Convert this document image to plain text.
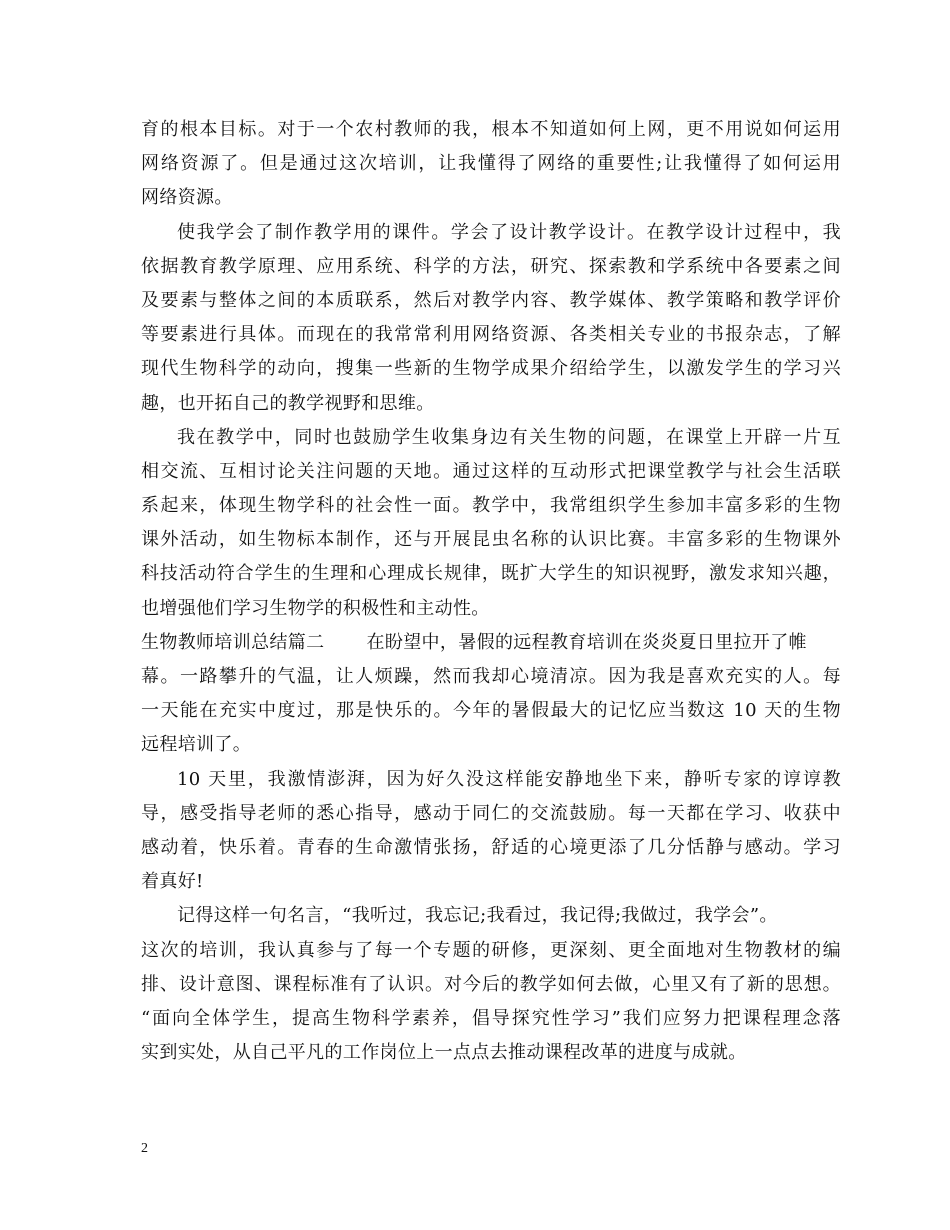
育的根本目标。对于一个农村教师的我，根本不知道如何上网，更不用说如何运用
网络资源了。但是通过这次培训，让我懂得了网络的重要性;让我懂得了如何运用
网络资源。
使我学会了制作教学用的课件。学会了设计教学设计。在教学设计过程中，我
依据教育教学原理、应用系统、科学的方法，研究、探索教和学系统中各要素之间
及要素与整体之间的本质联系，然后对教学内容、教学媒体、教学策略和教学评价
等要素进行具体。而现在的我常常利用网络资源、各类相关专业的书报杂志，了解
现代生物科学的动向，搜集一些新的生物学成果介绍给学生，以激发学生的学习兴
趣，也开拓自己的教学视野和思维。
我在教学中，同时也鼓励学生收集身边有关生物的问题，在课堂上开辟一片互
相交流、互相讨论关注问题的天地。通过这样的互动形式把课堂教学与社会生活联
系起来，体现生物学科的社会性一面。教学中，我常组织学生参加丰富多彩的生物
课外活动，如生物标本制作，还与开展昆虫名称的认识比赛。丰富多彩的生物课外
科技活动符合学生的生理和心理成长规律，既扩大学生的知识视野，激发求知兴趣，
也增强他们学习生物学的积极性和主动性。
生物教师培训总结篇二 在盼望中，暑假的远程教育培训在炎炎夏日里拉开了帷
幕。一路攀升的气温，让人烦躁，然而我却心境清凉。因为我是喜欢充实的人。每
一天能在充实中度过，那是快乐的。今年的暑假最大的记忆应当数这 10 天的生物
远程培训了。
10 天里，我激情澎湃，因为好久没这样能安静地坐下来，静听专家的谆谆教
导，感受指导老师的悉心指导，感动于同仁的交流鼓励。每一天都在学习、收获中
感动着，快乐着。青春的生命激情张扬，舒适的心境更添了几分恬静与感动。学习
着真好!
记得这样一句名言，“我听过，我忘记;我看过，我记得;我做过，我学会”。
这次的培训，我认真参与了每一个专题的研修，更深刻、更全面地对生物教材的编
排、设计意图、课程标准有了认识。对今后的教学如何去做，心里又有了新的思想。
“面向全体学生，提高生物科学素养，倡导探究性学习”我们应努力把课程理念落
实到实处，从自己平凡的工作岗位上一点点去推动课程改革的进度与成就。
2
